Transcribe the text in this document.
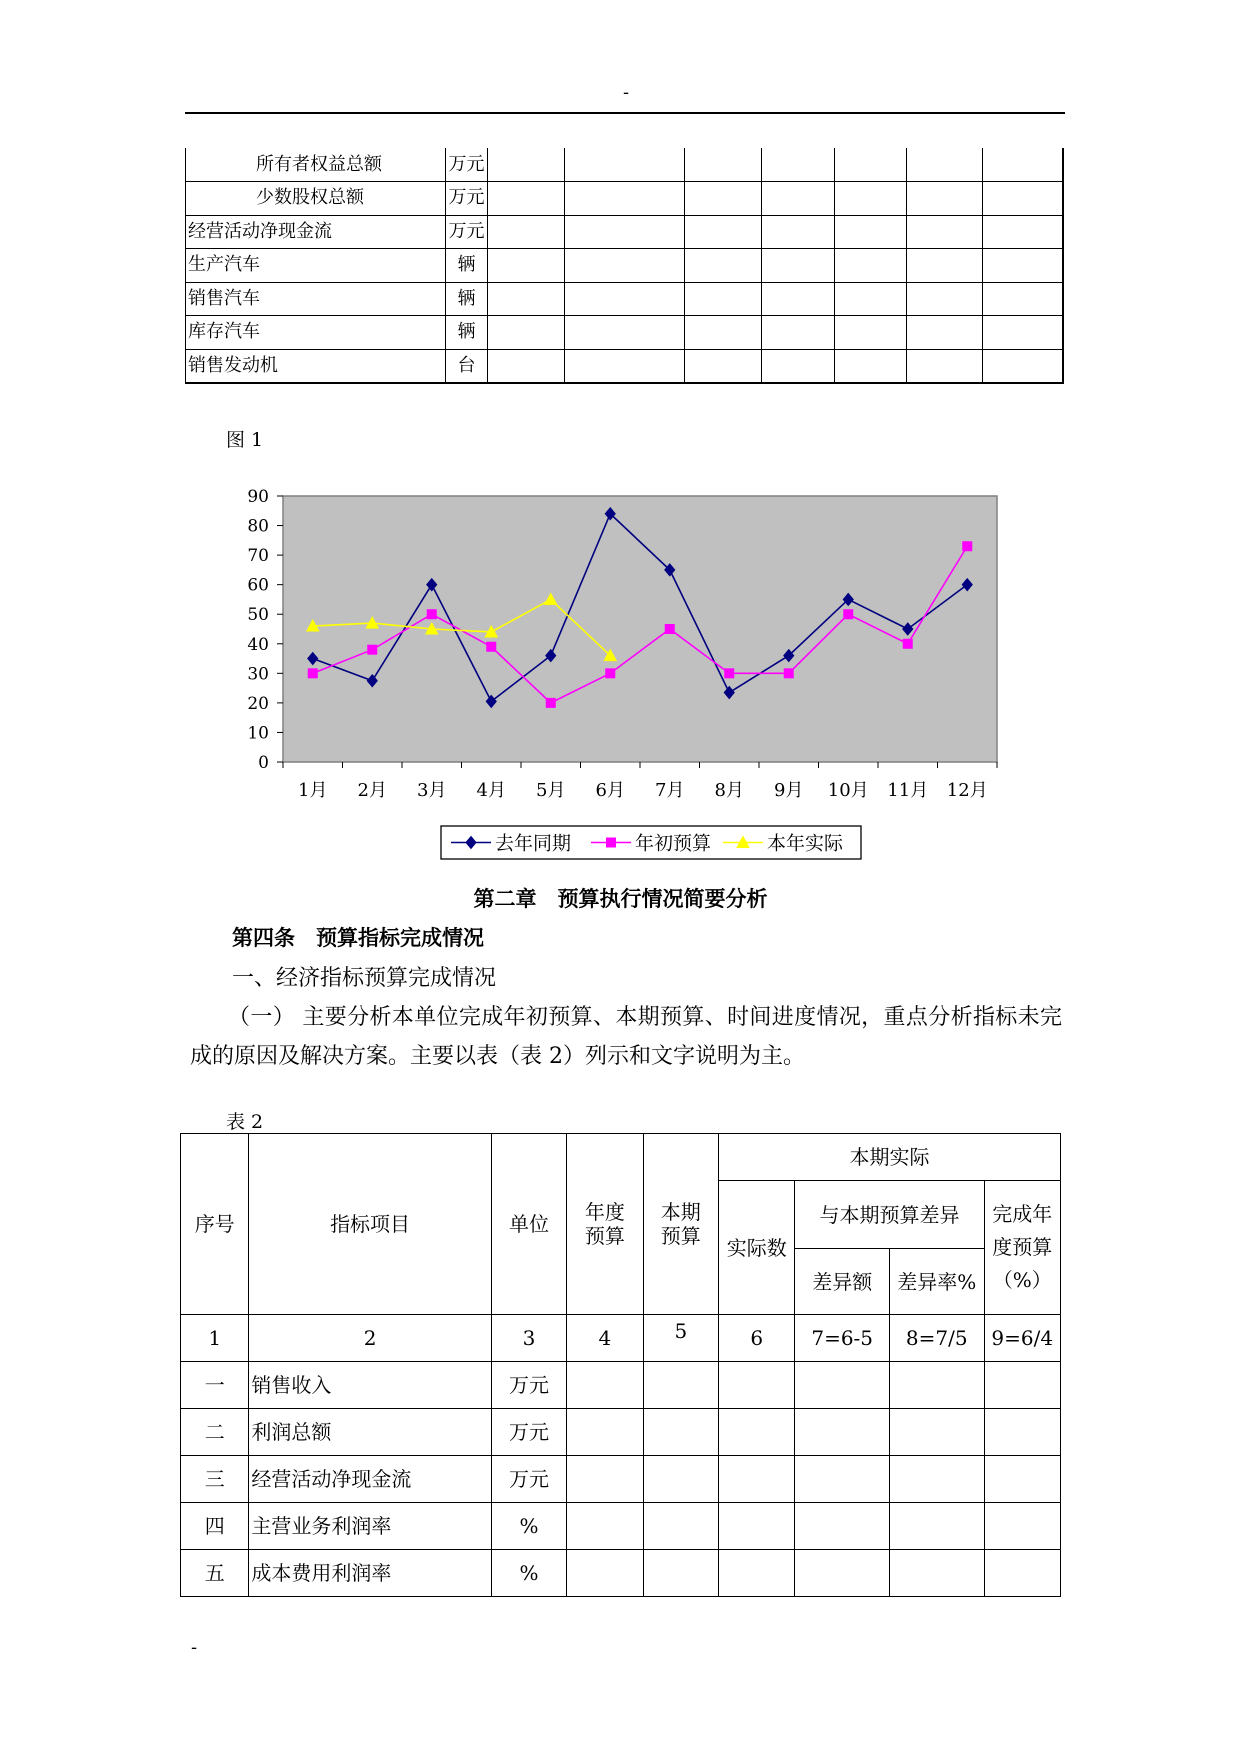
-
所有者权益总额	万元							
少数股权总额	万元							
经营活动净现金流	万元							
生产汽车	辆							
销售汽车	辆							
库存汽车	辆							
销售发动机	台							
图 1
0
10
20
30
40
50
60
70
80
90
1月 2月 3月 4月 5月 6月 7月 8月 9月 10月 11月 12月
去年同期	年初预算	本年实际
第二章　预算执行情况简要分析
第四条　预算指标完成情况
一、经济指标预算完成情况
（一） 主要分析本单位完成年初预算、本期预算、时间进度情况，重点分析指标未完成的原因及解决方案。主要以表（表 2）列示和文字说明为主。
表 2
序号	指标项目	单位	年度预算	本期预算	本期实际			
					实际数	与本期预算差异		完成年度预算（%）
						差异额	差异率%	
1	2	3	4	5	6	7=6-5	8=7/5	9=6/4
一	销售收入	万元						
二	利润总额	万元						
三	经营活动净现金流	万元						
四	主营业务利润率	%						
五	成本费用利润率	%						
-
